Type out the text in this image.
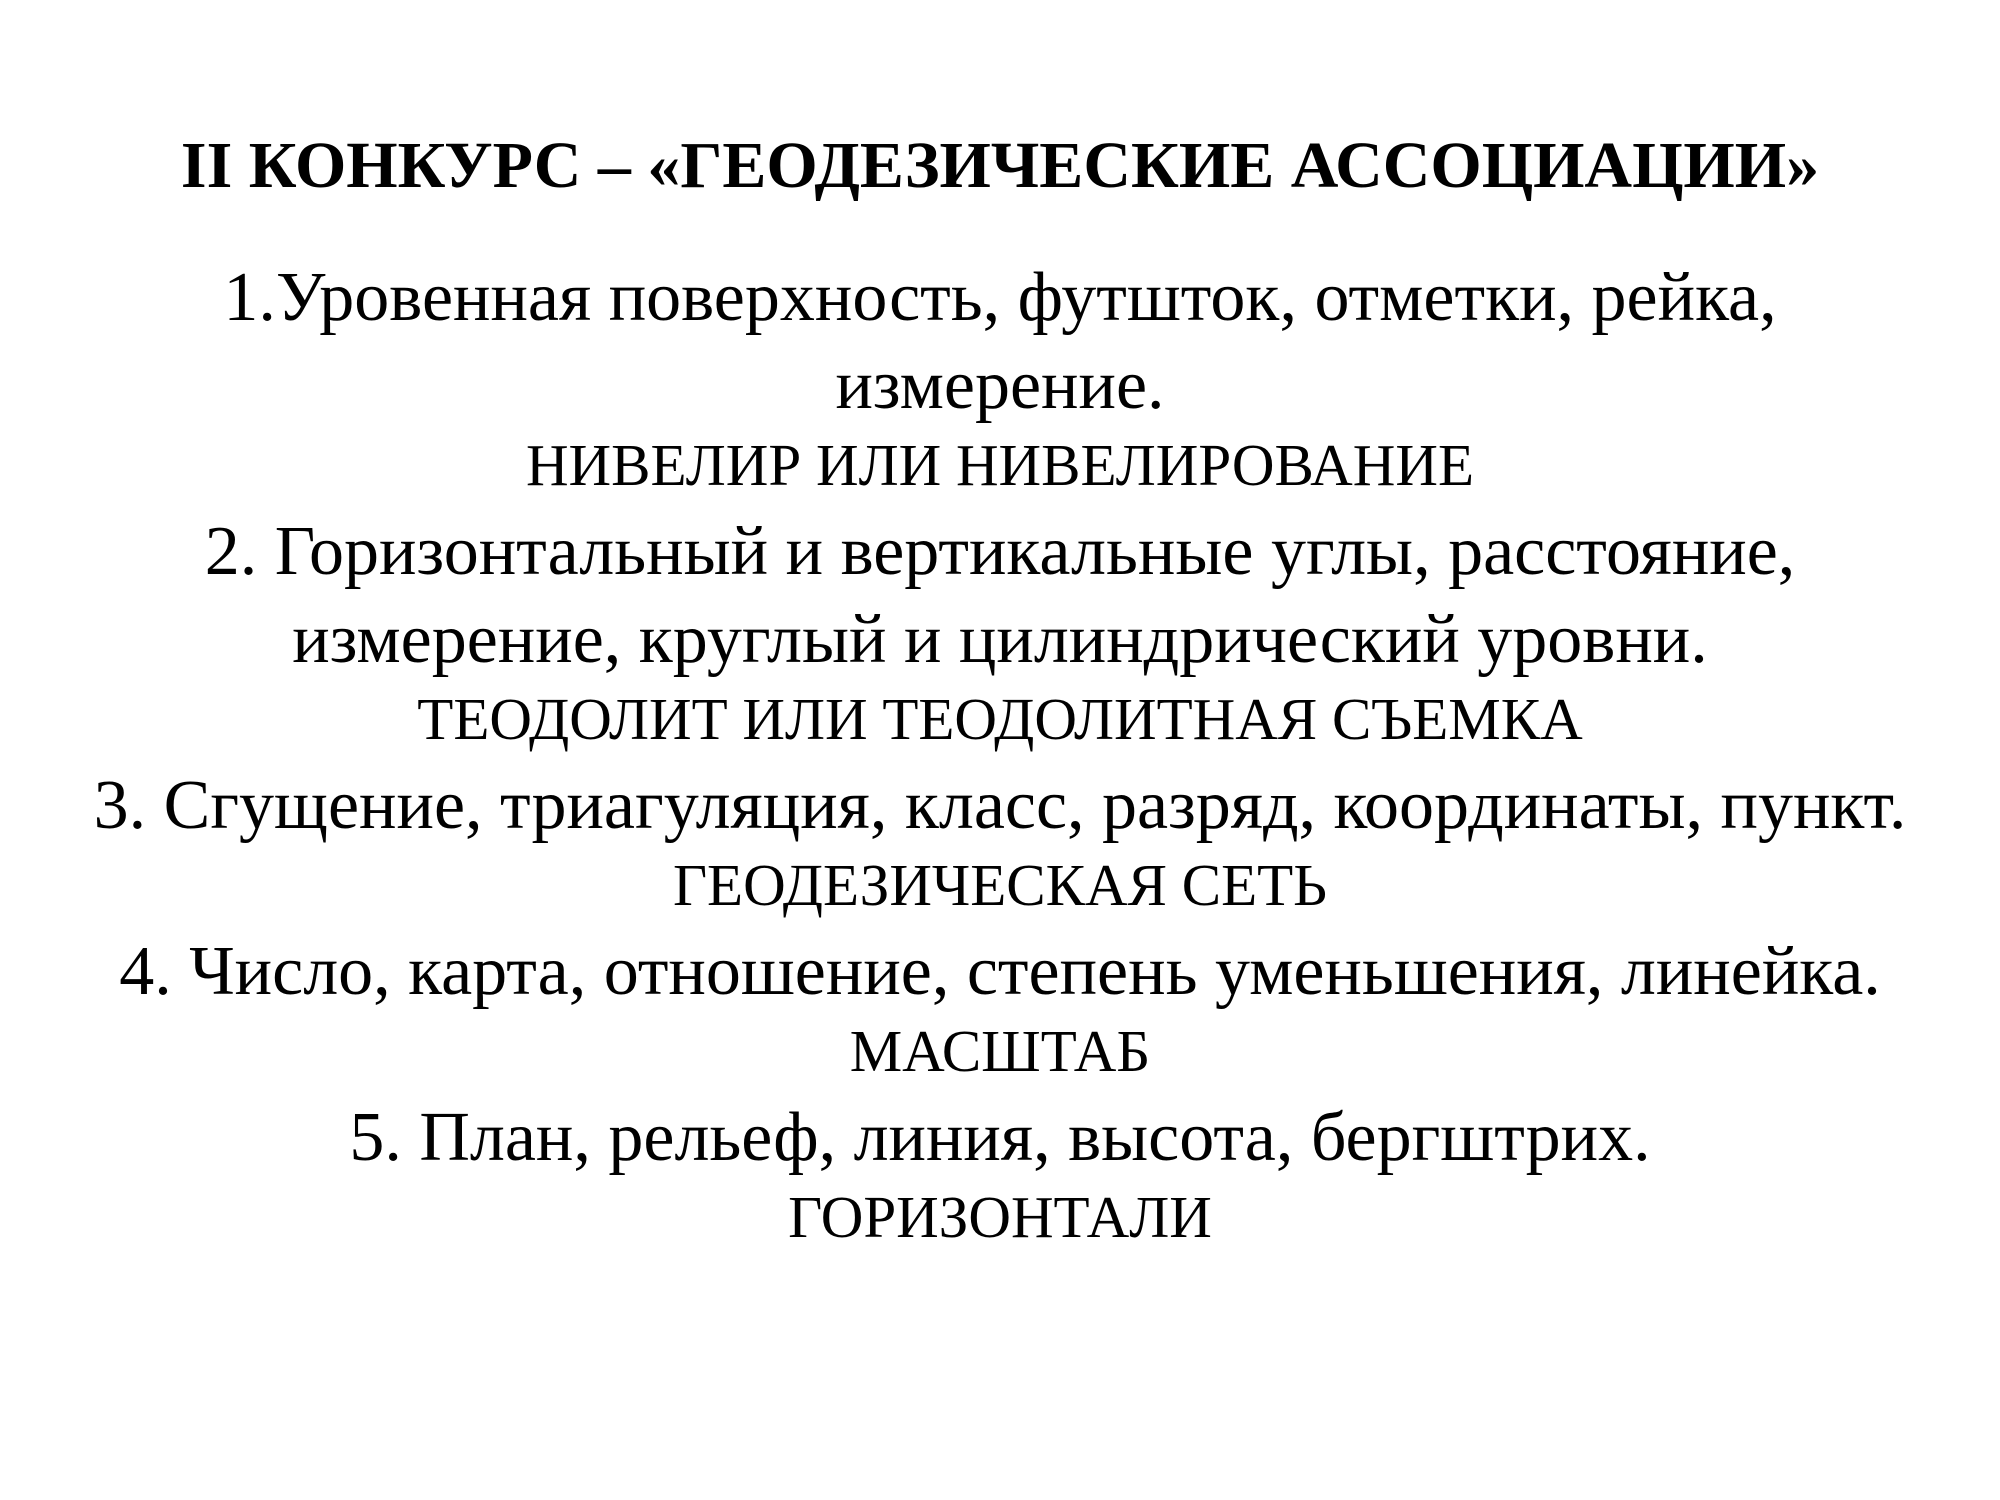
II КОНКУРС – «ГЕОДЕЗИЧЕСКИЕ АССОЦИАЦИИ»

1.Уровенная поверхность, футшток, отметки, рейка,

измерение.

НИВЕЛИР ИЛИ НИВЕЛИРОВАНИЕ

2. Горизонтальный и вертикальные углы, расстояние,

измерение, круглый и цилиндрический уровни.

ТЕОДОЛИТ ИЛИ ТЕОДОЛИТНАЯ СЪЕМКА

3. Сгущение, триагуляция, класс, разряд, координаты, пункт.

ГЕОДЕЗИЧЕСКАЯ СЕТЬ

4. Число, карта, отношение, степень уменьшения, линейка.

МАСШТАБ

5. План, рельеф, линия, высота, бергштрих.

ГОРИЗОНТАЛИ
